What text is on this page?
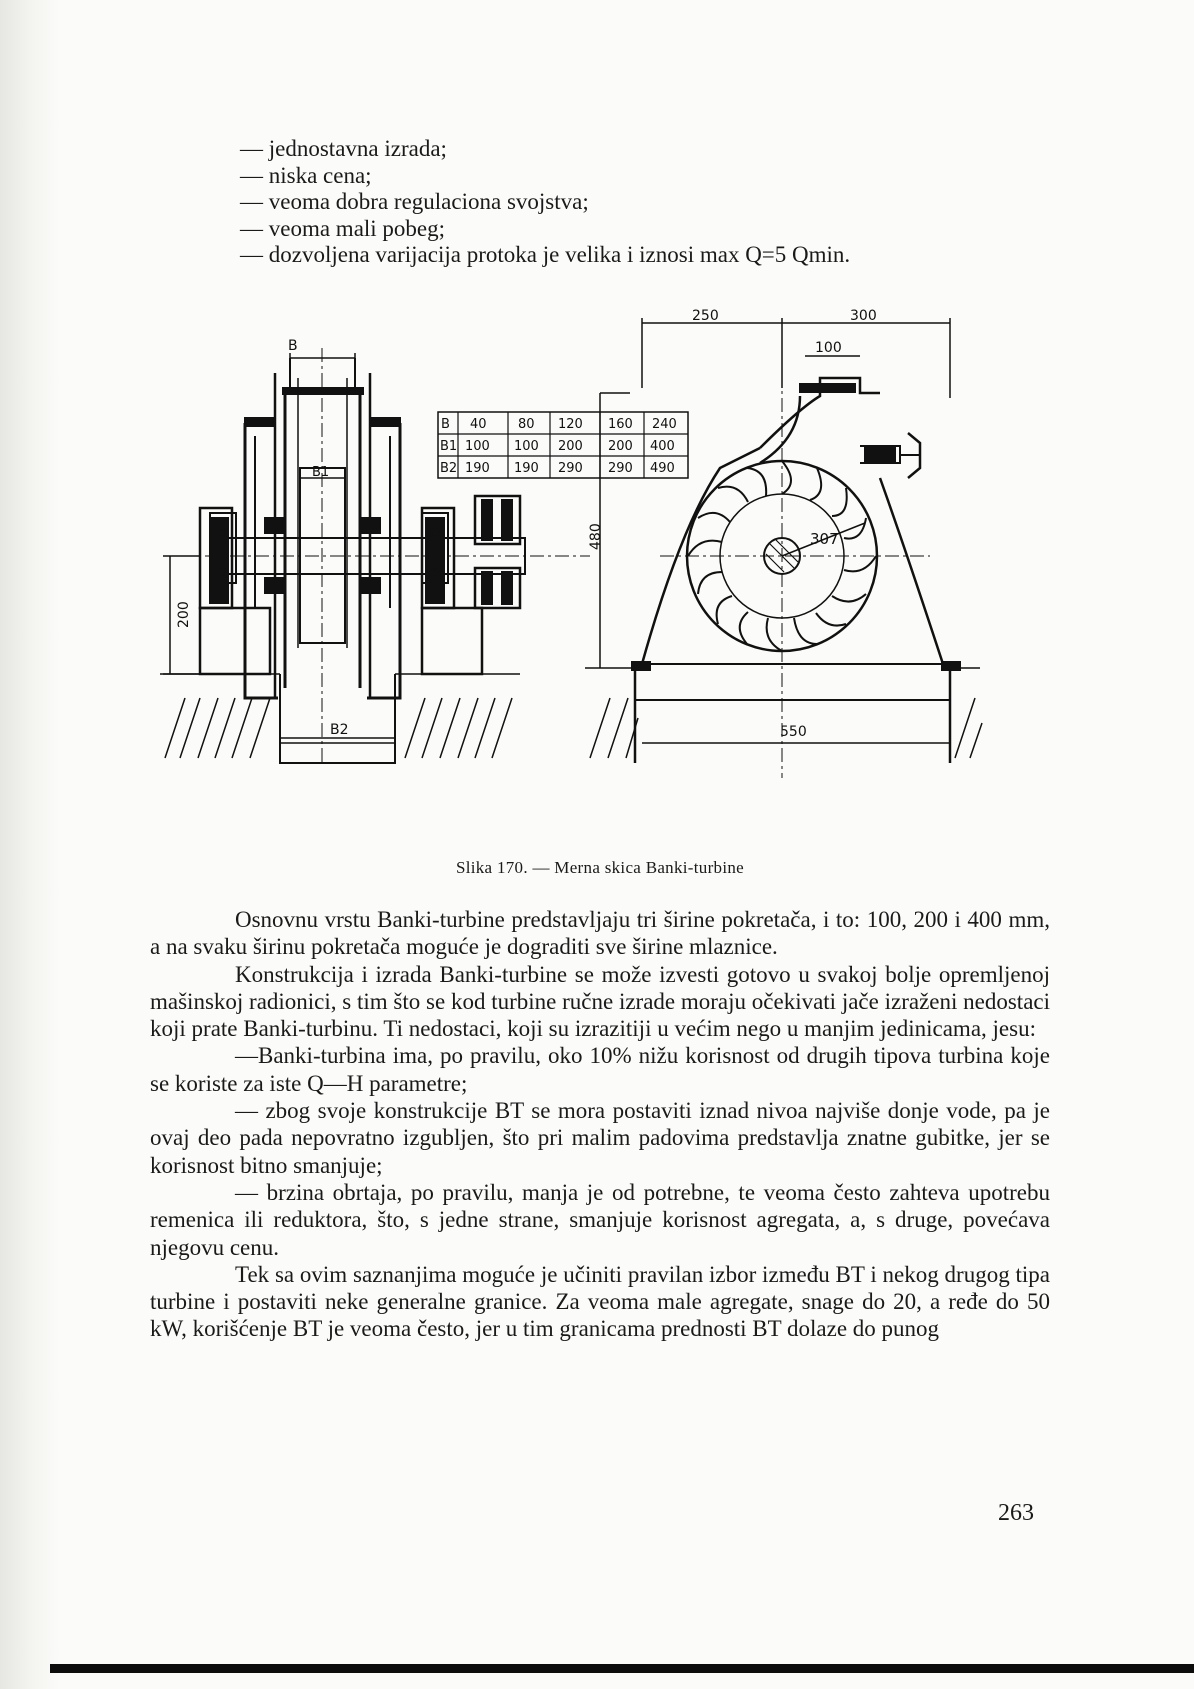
— jednostavna izrada;
— niska cena;
— veoma dobra regulaciona svojstva;
— veoma mali pobeg;
— dozvoljena varijacija protoka je velika i iznosi max Q=5 Qmin.
B
B1
B2
200
250	300
100
307
550
480
B 40 80 120 160 240
B1 100 100 200 200 400
B2 190 190 290 290 490
Slika 170. — Merna skica Banki-turbine

Osnovnu vrstu Banki-turbine predstavljaju tri širine pokretača, i to: 100, 200 i 400 mm, a na svaku širinu pokretača moguće je dograditi sve širine mlaznice.

Konstrukcija i izrada Banki-turbine se može izvesti gotovo u svakoj bolje opremljenoj mašinskoj radionici, s tim što se kod turbine ručne izrade moraju očekivati jače izraženi nedostaci koji prate Banki-turbinu. Ti nedostaci, koji su izrazitiji u većim nego u manjim jedinicama, jesu:

—Banki-turbina ima, po pravilu, oko 10% nižu korisnost od drugih tipova turbina koje se koriste za iste Q—H parametre;

— zbog svoje konstrukcije BT se mora postaviti iznad nivoa najviše donje vode, pa je ovaj deo pada nepovratno izgubljen, što pri malim padovima predstavlja znatne gubitke, jer se korisnost bitno smanjuje;

— brzina obrtaja, po pravilu, manja je od potrebne, te veoma često zahteva upotrebu remenica ili reduktora, što, s jedne strane, smanjuje korisnost agregata, a, s druge, povećava njegovu cenu.

Tek sa ovim saznanjima moguće je učiniti pravilan izbor između BT i nekog drugog tipa turbine i postaviti neke generalne granice. Za veoma male agregate, snage do 20, a ređe do 50 kW, korišćenje BT je veoma često, jer u tim granicama prednosti BT dolaze do punog

263
